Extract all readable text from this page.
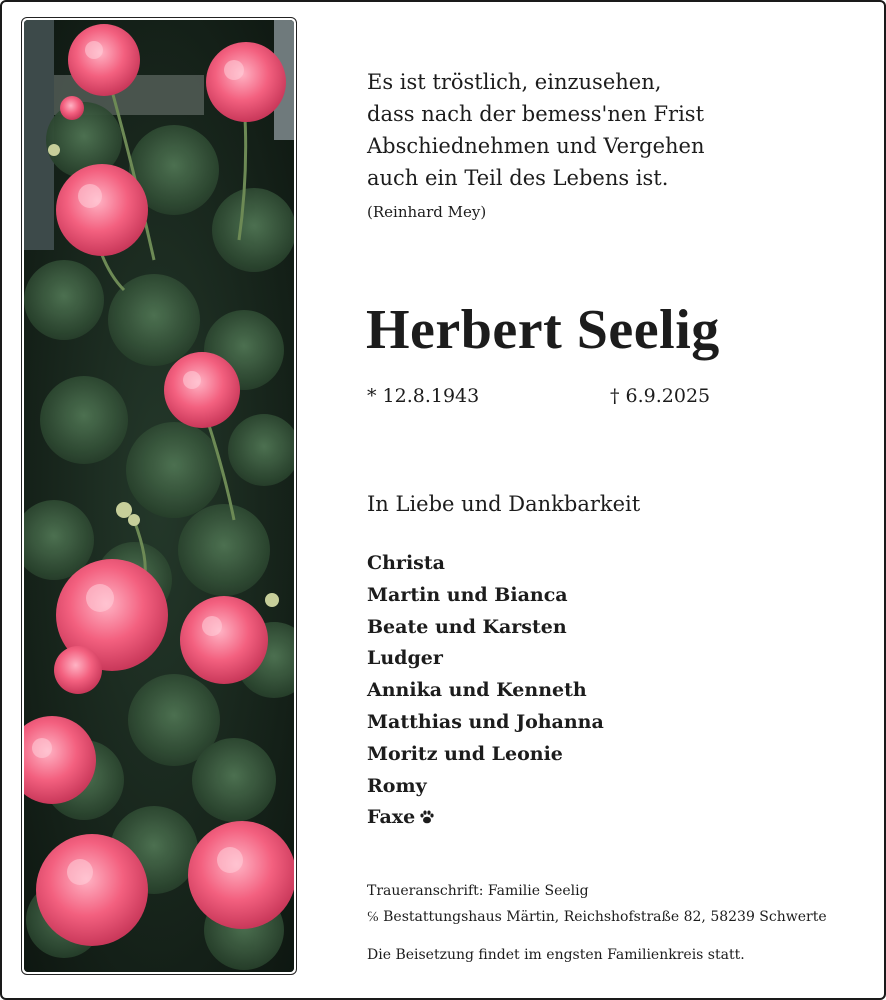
Es ist tröstlich, einzusehen,
dass nach der bemess'nen Frist
Abschiednehmen und Vergehen
auch ein Teil des Lebens ist.
(Reinhard Mey)
Herbert Seelig
* 12.8.1943	† 6.9.2025
In Liebe und Dankbarkeit
Christa
Martin und Bianca
Beate und Karsten
Ludger
Annika und Kenneth
Matthias und Johanna
Moritz und Leonie
Romy
Faxe
Traueranschrift: Familie Seelig
℅ Bestattungshaus Märtin, Reichshofstraße 82, 58239 Schwerte
Die Beisetzung findet im engsten Familienkreis statt.
